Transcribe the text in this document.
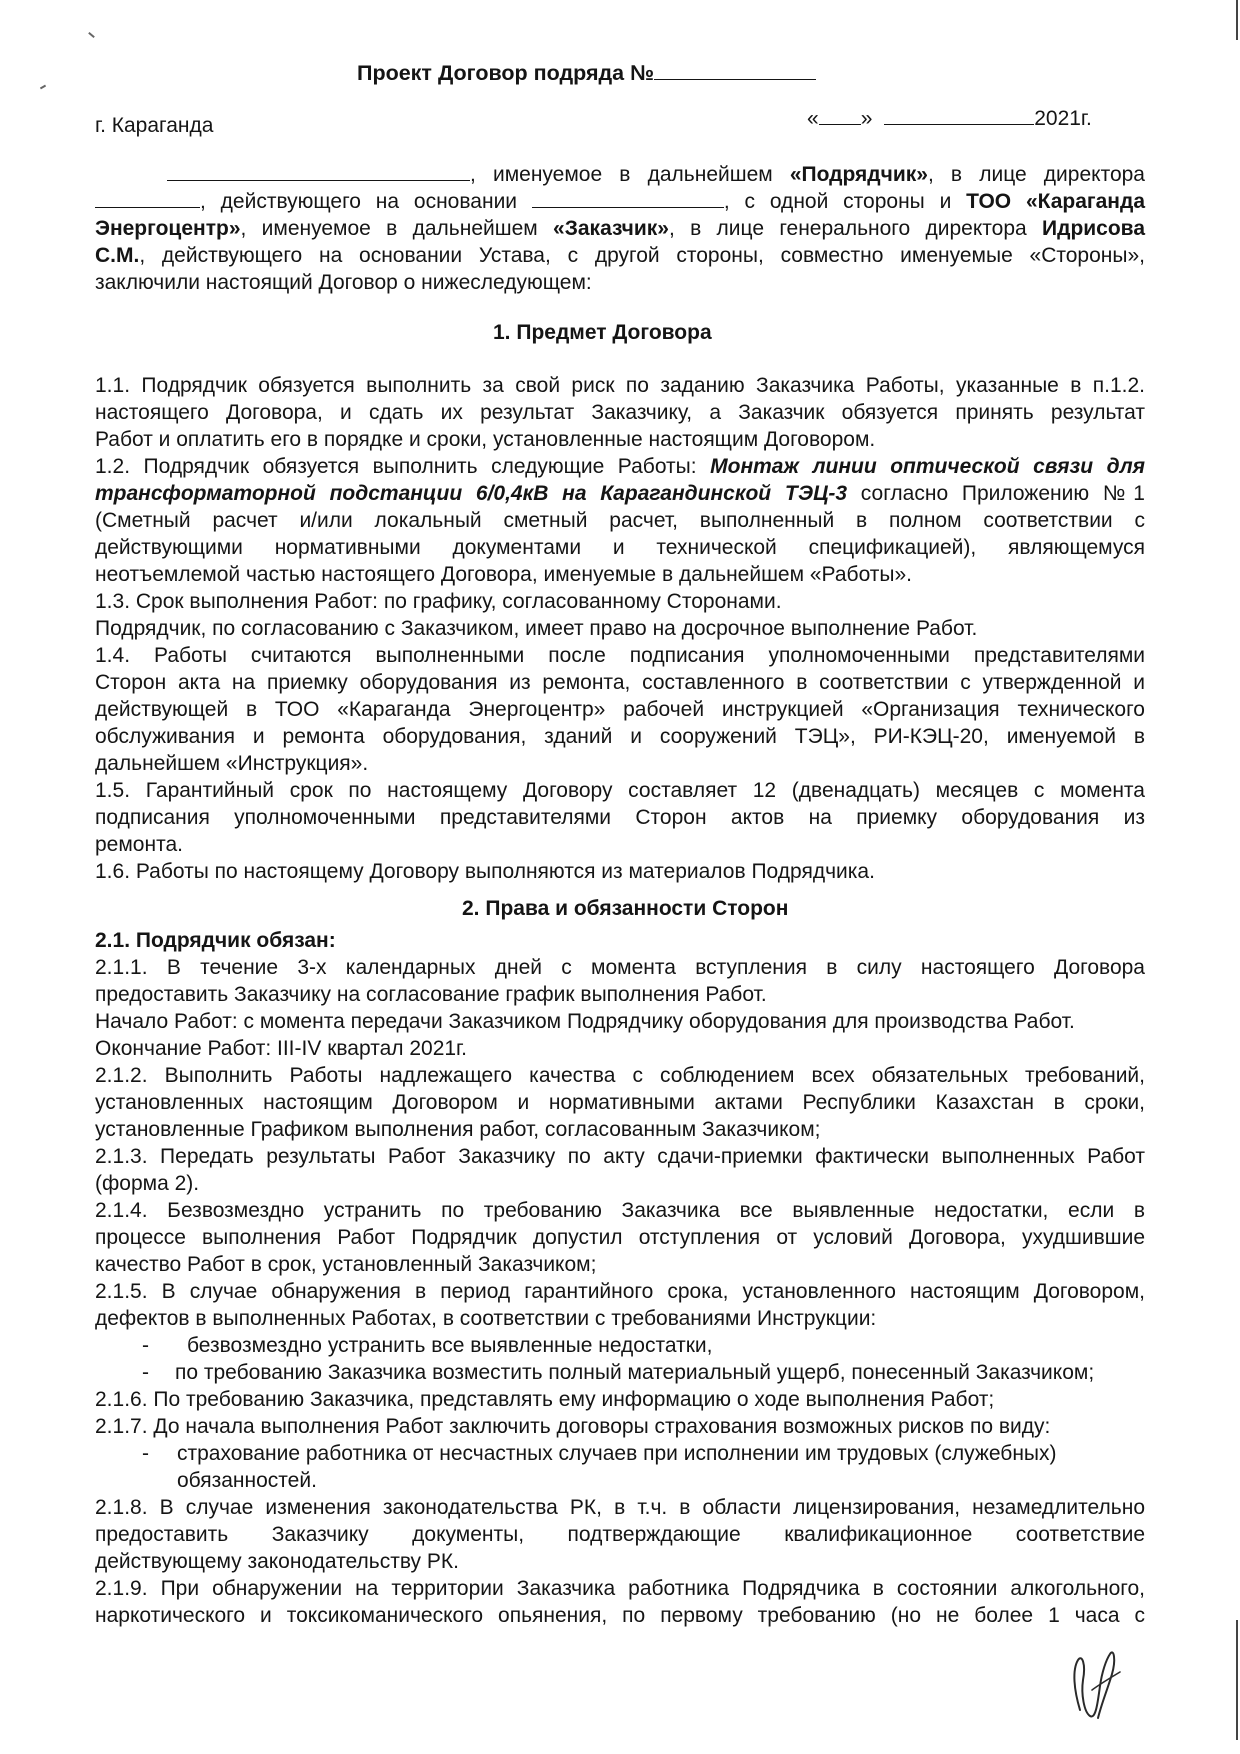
Проект Договор подряда №
г. Караганда	« »	2021г.
, именуемое в дальнейшем «Подрядчик», в лице директора
, действующего на основании	, с одной стороны и ТОО «Караганда
Энергоцентр», именуемое в дальнейшем «Заказчик», в лице генерального директора Идрисова
С.М., действующего на основании Устава, с другой стороны, совместно именуемые «Стороны»,
заключили настоящий Договор о нижеследующем:
1. Предмет Договора
1.1. Подрядчик обязуется выполнить за свой риск по заданию Заказчика Работы, указанные в п.1.2.
настоящего Договора, и сдать их результат Заказчику, а Заказчик обязуется принять результат
Работ и оплатить его в порядке и сроки, установленные настоящим Договором.
1.2. Подрядчик обязуется выполнить следующие Работы: Монтаж линии оптической связи для
трансформаторной подстанции 6/0,4кВ на Карагандинской ТЭЦ-3 согласно Приложению №1
(Сметный расчет и/или локальный сметный расчет, выполненный в полном соответствии с
действующими нормативными документами и технической спецификацией), являющемуся
неотъемлемой частью настоящего Договора, именуемые в дальнейшем «Работы».
1.3. Срок выполнения Работ: по графику, согласованному Сторонами.
Подрядчик, по согласованию с Заказчиком, имеет право на досрочное выполнение Работ.
1.4. Работы считаются выполненными после подписания уполномоченными представителями
Сторон акта на приемку оборудования из ремонта, составленного в соответствии с утвержденной и
действующей в ТОО «Караганда Энергоцентр» рабочей инструкцией «Организация технического
обслуживания и ремонта оборудования, зданий и сооружений ТЭЦ», РИ-КЭЦ-20, именуемой в
дальнейшем «Инструкция».
1.5. Гарантийный срок по настоящему Договору составляет 12 (двенадцать) месяцев с момента
подписания уполномоченными представителями Сторон актов на приемку оборудования из
ремонта.
1.6. Работы по настоящему Договору выполняются из материалов Подрядчика.
2. Права и обязанности Сторон
2.1. Подрядчик обязан:
2.1.1. В течение 3-х календарных дней с момента вступления в силу настоящего Договора
предоставить Заказчику на согласование график выполнения Работ.
Начало Работ: с момента передачи Заказчиком Подрядчику оборудования для производства Работ.
Окончание Работ: III-IV квартал 2021г.
2.1.2. Выполнить Работы надлежащего качества с соблюдением всех обязательных требований,
установленных настоящим Договором и нормативными актами Республики Казахстан в сроки,
установленные Графиком выполнения работ, согласованным Заказчиком;
2.1.3. Передать результаты Работ Заказчику по акту сдачи-приемки фактически выполненных Работ
(форма 2).
2.1.4. Безвозмездно устранить по требованию Заказчика все выявленные недостатки, если в
процессе выполнения Работ Подрядчик допустил отступления от условий Договора, ухудшившие
качество Работ в срок, установленный Заказчиком;
2.1.5. В случае обнаружения в период гарантийного срока, установленного настоящим Договором,
дефектов в выполненных Работах, в соответствии с требованиями Инструкции:
- безвозмездно устранить все выявленные недостатки,
- по требованию Заказчика возместить полный материальный ущерб, понесенный Заказчиком;
2.1.6. По требованию Заказчика, представлять ему информацию о ходе выполнения Работ;
2.1.7. До начала выполнения Работ заключить договоры страхования возможных рисков по виду:
- страхование работника от несчастных случаев при исполнении им трудовых (служебных)
обязанностей.
2.1.8. В случае изменения законодательства РК, в т.ч. в области лицензирования, незамедлительно
предоставить Заказчику документы, подтверждающие квалификационное соответствие
действующему законодательству РК.
2.1.9. При обнаружении на территории Заказчика работника Подрядчика в состоянии алкогольного,
наркотического и токсикоманического опьянения, по первому требованию (но не более 1 часа с
